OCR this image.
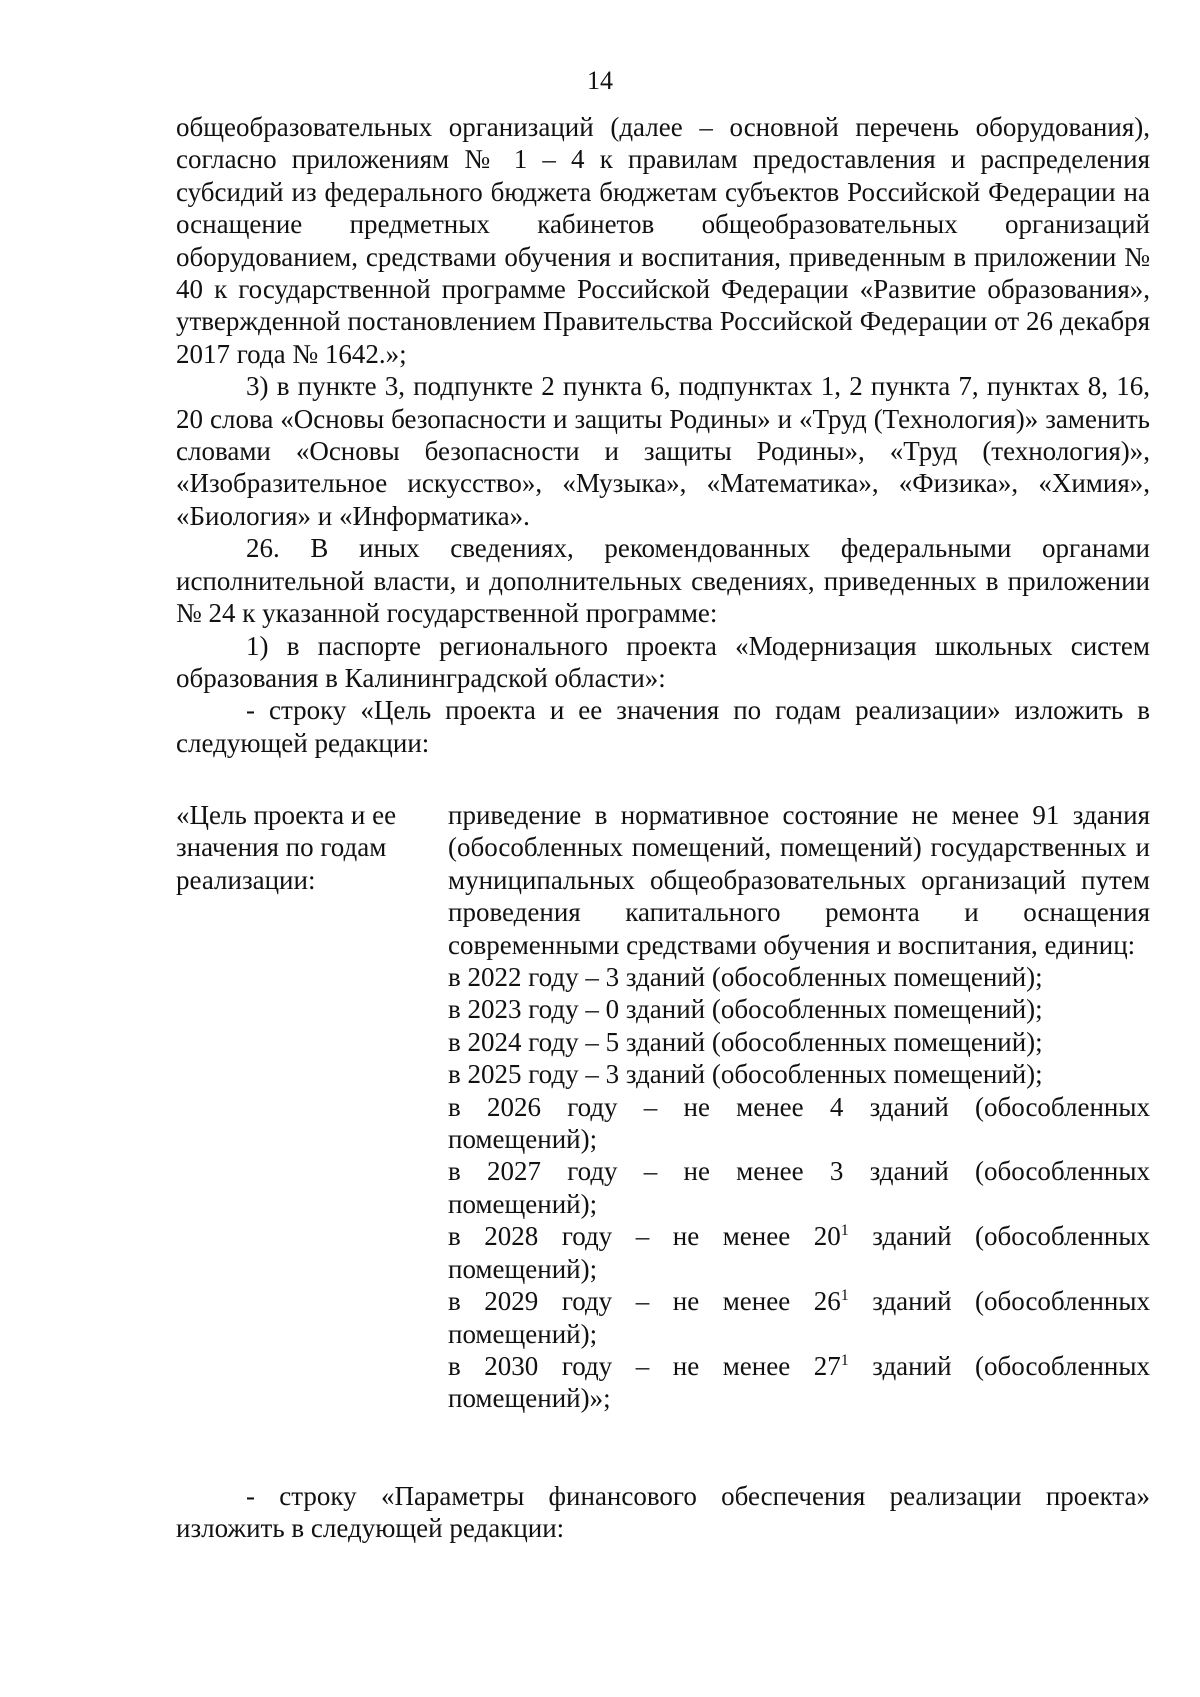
14

общеобразовательных организаций (далее – основной перечень оборудования), согласно приложениям № 1 – 4 к правилам предоставления и распределения субсидий из федерального бюджета бюджетам субъектов Российской Федерации на оснащение предметных кабинетов общеобразовательных организаций оборудованием, средствами обучения и воспитания, приведенным в приложении № 40 к государственной программе Российской Федерации «Развитие образования», утвержденной постановлением Правительства Российской Федерации от 26 декабря 2017 года № 1642.»;

3) в пункте 3, подпункте 2 пункта 6, подпунктах 1, 2 пункта 7, пунктах 8, 16, 20 слова «Основы безопасности и защиты Родины» и «Труд (Технология)» заменить словами «Основы безопасности и защиты Родины», «Труд (технология)», «Изобразительное искусство», «Музыка», «Математика», «Физика», «Химия», «Биология» и «Информатика».

26. В иных сведениях, рекомендованных федеральными органами исполнительной власти, и дополнительных сведениях, приведенных в приложении № 24 к указанной государственной программе:

1) в паспорте регионального проекта «Модернизация школьных систем образования в Калининградской области»:

- строку «Цель проекта и ее значения по годам реализации» изложить в следующей редакции:

«Цель проекта и ее значения по годам реализации:

приведение в нормативное состояние не менее 91 здания (обособленных помещений, помещений) государственных и муниципальных общеобразовательных организаций путем проведения капитального ремонта и оснащения современными средствами обучения и воспитания, единиц:

в 2022 году – 3 зданий (обособленных помещений);

в 2023 году – 0 зданий (обособленных помещений);

в 2024 году – 5 зданий (обособленных помещений);

в 2025 году – 3 зданий (обособленных помещений);

в 2026 году – не менее 4 зданий (обособленных помещений);

в 2027 году – не менее 3 зданий (обособленных помещений);

в 2028 году – не менее $20^1$ зданий (обособленных помещений);

в 2029 году – не менее $26^1$ зданий (обособленных помещений);

в 2030 году – не менее $27^1$ зданий (обособленных помещений)»;

- строку «Параметры финансового обеспечения реализации проекта» изложить в следующей редакции:
